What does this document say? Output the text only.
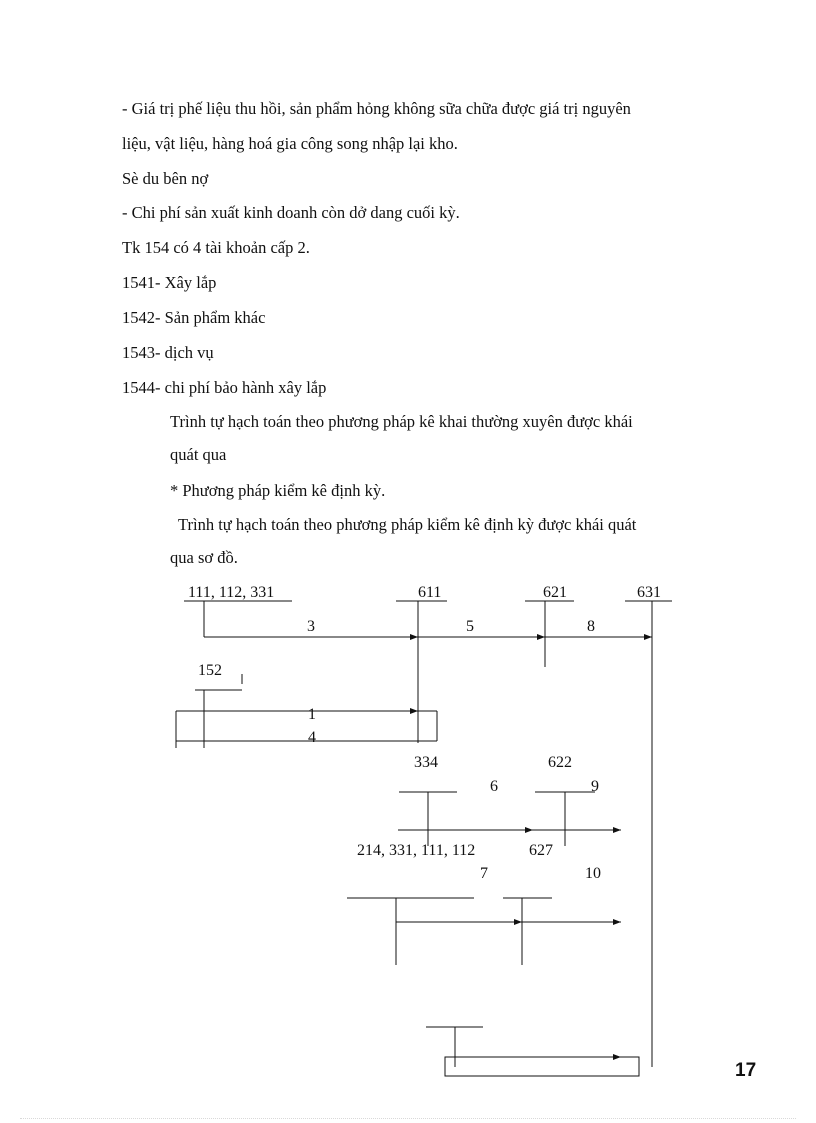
- Giá trị phế liệu thu hồi, sản phẩm hỏng không sữa chữa được giá trị nguyên
liệu, vật liệu, hàng hoá gia công song nhập lại kho.
Sè du bên nợ
- Chi phí sản xuất kinh doanh còn dở dang cuối kỳ.
Tk 154 có 4 tài khoản cấp 2.
1541- Xây lắp
1542- Sản phẩm khác
1543- dịch vụ
1544- chi phí bảo hành xây lắp
Trình tự hạch toán theo phương pháp kê khai thường xuyên được khái
quát qua
* Phương pháp kiểm kê định kỳ.
Trình tự hạch toán theo phương pháp kiểm kê định kỳ được khái quát
qua sơ đồ.
111, 112, 331	611	621	631
3	5	8
152
1
4
334	622
6	9
214, 331, 111, 112	627
7	10
17
